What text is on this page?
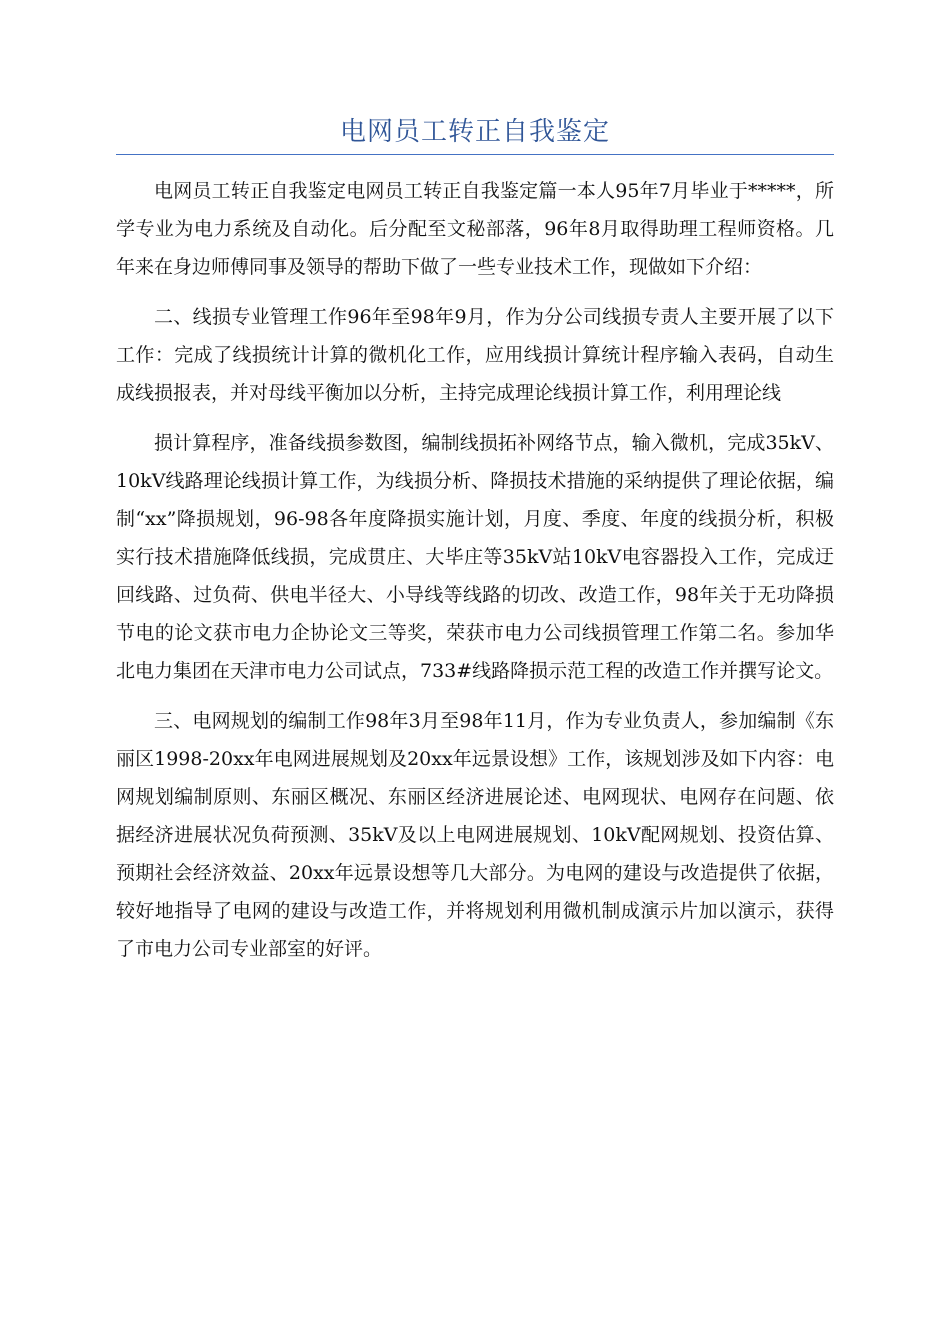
电网员工转正自我鉴定

电网员工转正自我鉴定电网员工转正自我鉴定篇一本人95年7月毕业于*****，所学专业为电力系统及自动化。后分配至文秘部落，96年8月取得助理工程师资格。几年来在身边师傅同事及领导的帮助下做了一些专业技术工作，现做如下介绍：

二、线损专业管理工作96年至98年9月，作为分公司线损专责人主要开展了以下工作：完成了线损统计计算的微机化工作，应用线损计算统计程序输入表码，自动生成线损报表，并对母线平衡加以分析，主持完成理论线损计算工作，利用理论线

损计算程序，准备线损参数图，编制线损拓补网络节点，输入微机，完成35kV、10kV线路理论线损计算工作，为线损分析、降损技术措施的采纳提供了理论依据，编制“xx”降损规划，96-98各年度降损实施计划，月度、季度、年度的线损分析，积极实行技术措施降低线损，完成贯庄、大毕庄等35kV站10kV电容器投入工作，完成迂回线路、过负荷、供电半径大、小导线等线路的切改、改造工作，98年关于无功降损节电的论文获市电力企协论文三等奖，荣获市电力公司线损管理工作第二名。参加华北电力集团在天津市电力公司试点，733#线路降损示范工程的改造工作并撰写论文。

三、电网规划的编制工作98年3月至98年11月，作为专业负责人，参加编制《东丽区1998-20xx年电网进展规划及20xx年远景设想》工作，该规划涉及如下内容：电网规划编制原则、东丽区概况、东丽区经济进展论述、电网现状、电网存在问题、依据经济进展状况负荷预测、35kV及以上电网进展规划、10kV配网规划、投资估算、预期社会经济效益、20xx年远景设想等几大部分。为电网的建设与改造提供了依据，较好地指导了电网的建设与改造工作，并将规划利用微机制成演示片加以演示，获得了市电力公司专业部室的好评。
